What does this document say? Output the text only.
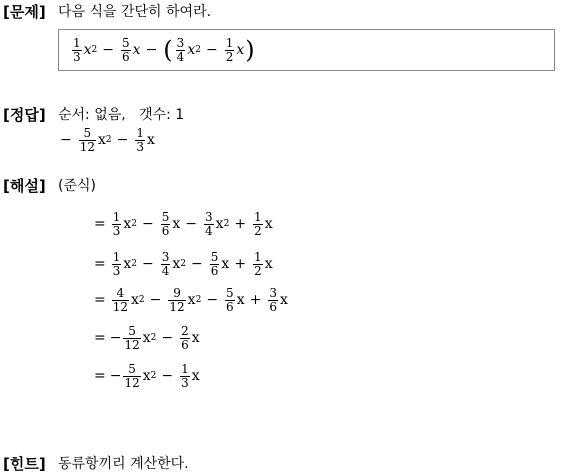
[문제] 다음 식을 간단히 하여라.
$\frac{1}{3}$ x $2 - \frac{5}{6}$ x − ( $\frac{3}{4}$ x $2 - \frac{1}{2}$ x )
[정답] 순서: 없음,   갯수: 1
− $\frac{5}{12}$ x $2 - \frac{1}{3}$ x
[해설] (준식)
= $\frac{1}{3}$ x $2 - \frac{5}{6}$ $x - \frac{3}{4}$ x $2 + \frac{1}{2}$ x
= $\frac{1}{3}$ x $2 - \frac{3}{4}$ x $2 - \frac{5}{6}$ $x + \frac{1}{2}$ x
= $\frac{4}{12}$ x $2 - \frac{9}{12}$ x $2 - \frac{5}{6}$ $x + \frac{3}{6}$ x
= − $\frac{5}{12}$ x $2 - \frac{2}{6}$ x
= − $\frac{5}{12}$ x $2 - \frac{1}{3}$ x
[힌트] 동류항끼리 계산한다.
